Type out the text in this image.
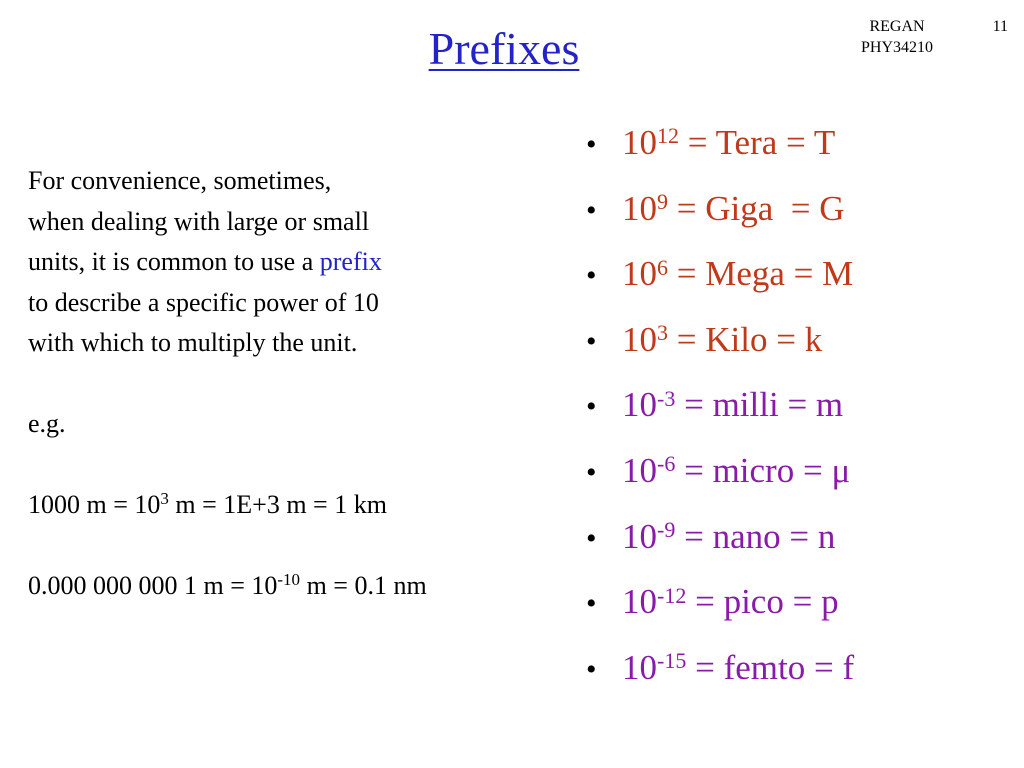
Prefixes	REGAN
PHY34210
11
For convenience, sometimes,
when dealing with large or small
units, it is common to use a prefix
to describe a specific power of 10
with which to multiply the unit.
e.g.
1000 $m = 10^3$ m = 1E+3 m = 1 km
0.000 000 000 1 $m = 10^{-10}$ m = 0.1 nm
• $10^{12}$ = Tera = T
• $10^9$ = Giga  = G
• $10^6$ = Mega = M
• $10^3$ = Kilo = k
• $10^{-3}$ = milli = m
• $10^{-6}$ = micro = μ
• $10^{-9}$ = nano = n
• $10^{-12}$ = pico = p
• $10^{-15}$ = femto = f
